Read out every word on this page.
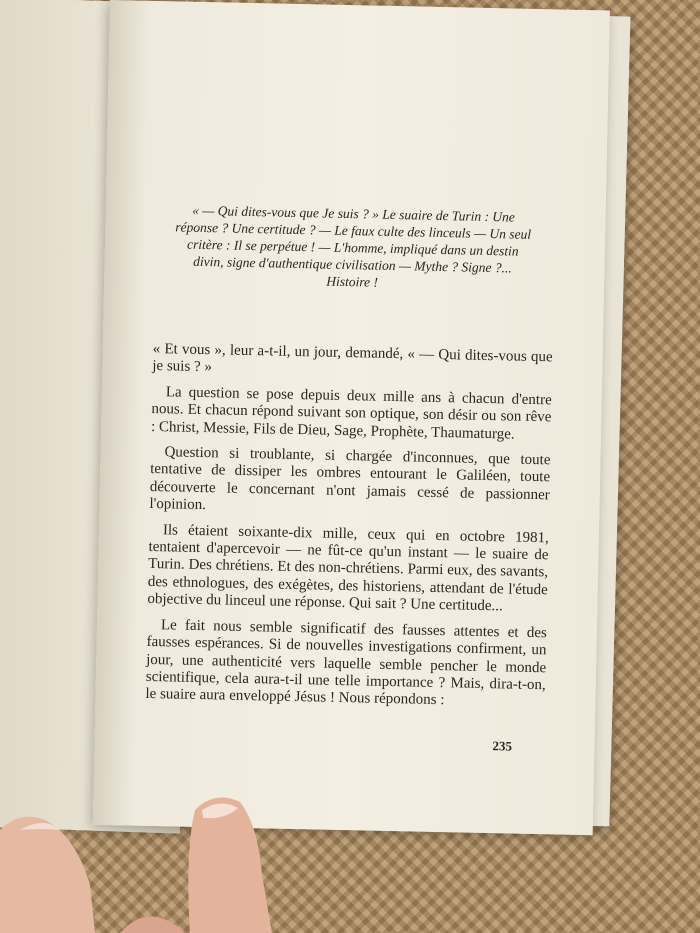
« — Qui dites-vous que Je suis ? » Le suaire de Turin : Une réponse ? Une certitude ? — Le faux culte des linceuls — Un seul critère : Il se perpétue ! — L'homme, impliqué dans un destin divin, signe d'authentique civilisation — Mythe ? Signe ?... Histoire !

« Et vous », leur a-t-il, un jour, demandé, « — Qui dites-vous que je suis ? »

La question se pose depuis deux mille ans à chacun d'entre nous. Et chacun répond suivant son optique, son désir ou son rêve : Christ, Messie, Fils de Dieu, Sage, Prophète, Thaumaturge.

Question si troublante, si chargée d'inconnues, que toute tentative de dissiper les ombres entourant le Galiléen, toute découverte le concernant n'ont jamais cessé de passionner l'opinion.

Ils étaient soixante-dix mille, ceux qui en octobre 1981, tentaient d'apercevoir — ne fût-ce qu'un instant — le suaire de Turin. Des chrétiens. Et des non-chrétiens. Parmi eux, des savants, des ethnologues, des exégètes, des historiens, attendant de l'étude objective du linceul une réponse. Qui sait ? Une certitude...

Le fait nous semble significatif des fausses attentes et des fausses espérances. Si de nouvelles investigations confirment, un jour, une authenticité vers laquelle semble pencher le monde scientifique, cela aura-t-il une telle importance ? Mais, dira-t-on, le suaire aura enveloppé Jésus ! Nous répondons :

235
